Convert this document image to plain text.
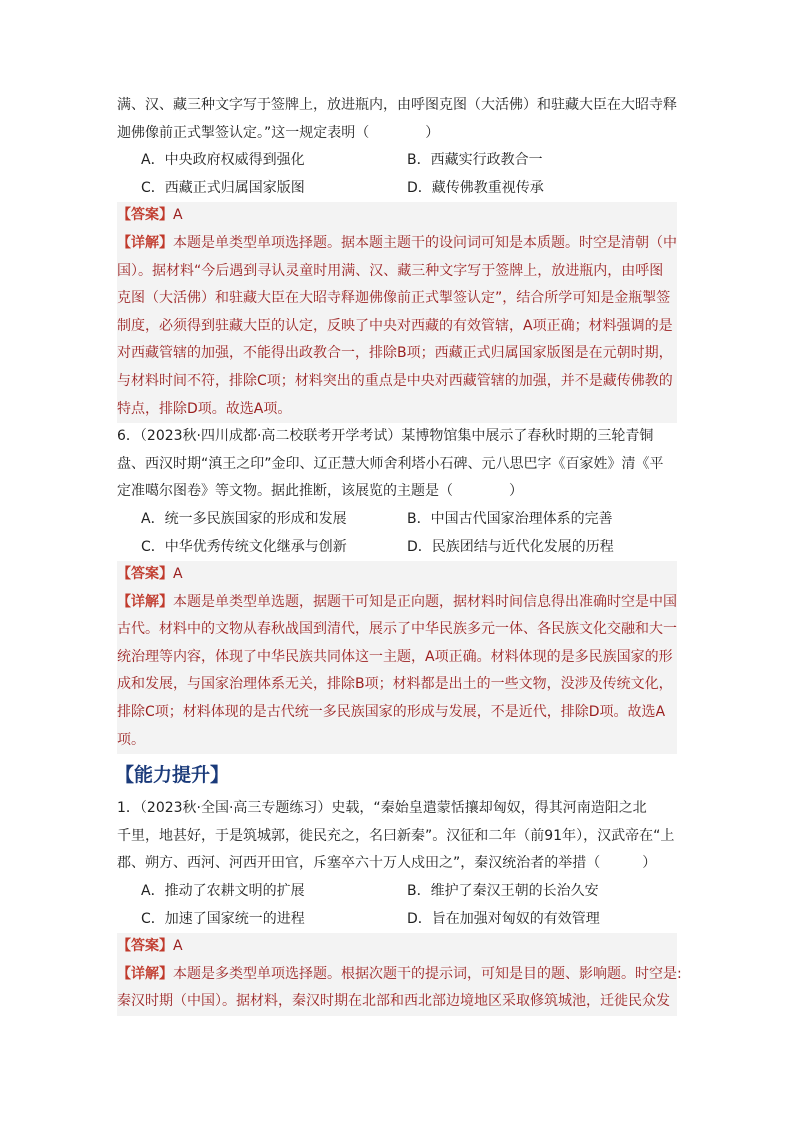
满、汉、藏三种文字写于签牌上，放进瓶内，由呼图克图（大活佛）和驻藏大臣在大昭寺释
迦佛像前正式掣签认定。”这一规定表明（　　　　）
A．中央政府权威得到强化	B．西藏实行政教合一
C．西藏正式归属国家版图	D．藏传佛教重视传承
【答案】A
【详解】本题是单类型单项选择题。据本题主题干的设问词可知是本质题。时空是清朝（中
国）。据材料“今后遇到寻认灵童时用满、汉、藏三种文字写于签牌上，放进瓶内，由呼图
克图（大活佛）和驻藏大臣在大昭寺释迦佛像前正式掣签认定”，结合所学可知是金瓶掣签
制度，必须得到驻藏大臣的认定，反映了中央对西藏的有效管辖，A项正确；材料强调的是
对西藏管辖的加强，不能得出政教合一，排除B项；西藏正式归属国家版图是在元朝时期，
与材料时间不符，排除C项；材料突出的重点是中央对西藏管辖的加强，并不是藏传佛教的
特点，排除D项。故选A项。
6．（2023秋·四川成都·高二校联考开学考试）某博物馆集中展示了春秋时期的三轮青铜
盘、西汉时期“滇王之印”金印、辽正慧大师舍利塔小石碑、元八思巴字《百家姓》清《平
定准噶尔图卷》等文物。据此推断，该展览的主题是（　　　　）
A．统一多民族国家的形成和发展	B．中国古代国家治理体系的完善
C．中华优秀传统文化继承与创新	D．民族团结与近代化发展的历程
【答案】A
【详解】本题是单类型单选题，据题干可知是正向题，据材料时间信息得出准确时空是中国
古代。材料中的文物从春秋战国到清代，展示了中华民族多元一体、各民族文化交融和大一
统治理等内容，体现了中华民族共同体这一主题，A项正确。材料体现的是多民族国家的形
成和发展，与国家治理体系无关，排除B项；材料都是出土的一些文物，没涉及传统文化，
排除C项；材料体现的是古代统一多民族国家的形成与发展，不是近代，排除D项。故选A
项。
【能力提升】
1．（2023秋·全国·高三专题练习）史载，“秦始皇遣蒙恬攘却匈奴，得其河南造阳之北
千里，地甚好，于是筑城郭，徙民充之，名曰新秦”。汉征和二年（前91年），汉武帝在“上
郡、朔方、西河、河西开田官，斥塞卒六十万人戍田之”，秦汉统治者的举措（　　　）
A．推动了农耕文明的扩展	B．维护了秦汉王朝的长治久安
C．加速了国家统一的进程	D．旨在加强对匈奴的有效管理
【答案】A
【详解】本题是多类型单项选择题。根据次题干的提示词，可知是目的题、影响题。时空是:
秦汉时期（中国）。据材料，秦汉时期在北部和西北部边境地区采取修筑城池，迁徙民众发
